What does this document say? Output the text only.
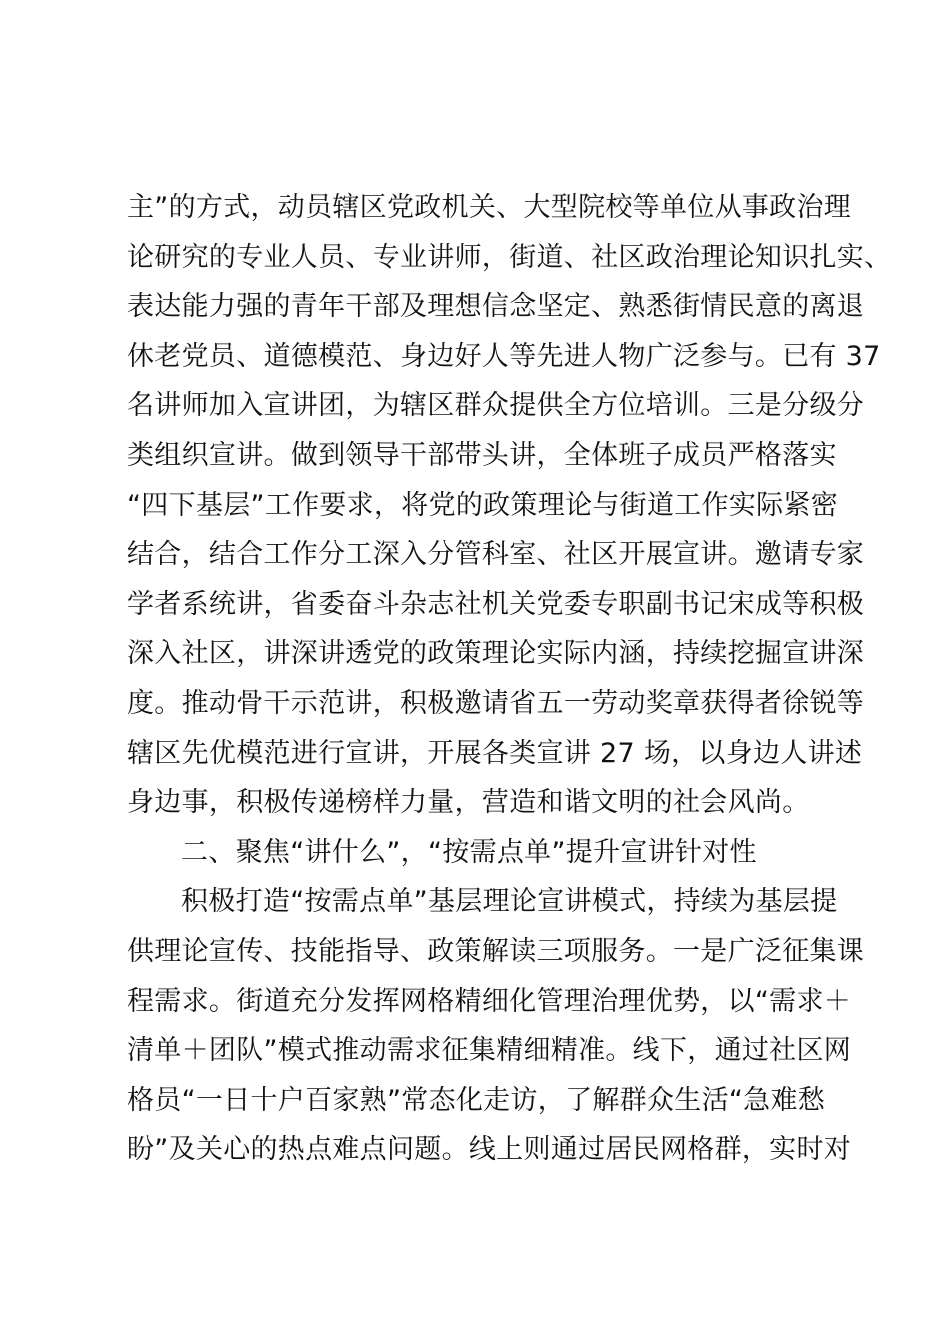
主”的方式，动员辖区党政机关、大型院校等单位从事政治理
论研究的专业人员、专业讲师，街道、社区政治理论知识扎实、
表达能力强的青年干部及理想信念坚定、熟悉街情民意的离退
休老党员、道德模范、身边好人等先进人物广泛参与。已有 37
名讲师加入宣讲团，为辖区群众提供全方位培训。三是分级分
类组织宣讲。做到领导干部带头讲，全体班子成员严格落实
“四下基层”工作要求，将党的政策理论与街道工作实际紧密
结合，结合工作分工深入分管科室、社区开展宣讲。邀请专家
学者系统讲，省委奋斗杂志社机关党委专职副书记宋成等积极
深入社区，讲深讲透党的政策理论实际内涵，持续挖掘宣讲深
度。推动骨干示范讲，积极邀请省五一劳动奖章获得者徐锐等
辖区先优模范进行宣讲，开展各类宣讲 27 场，以身边人讲述
身边事，积极传递榜样力量，营造和谐文明的社会风尚。
二、聚焦“讲什么”，“按需点单”提升宣讲针对性
积极打造“按需点单”基层理论宣讲模式，持续为基层提
供理论宣传、技能指导、政策解读三项服务。一是广泛征集课
程需求。街道充分发挥网格精细化管理治理优势，以“需求＋
清单＋团队”模式推动需求征集精细精准。线下，通过社区网
格员“一日十户百家熟”常态化走访，了解群众生活“急难愁
盼”及关心的热点难点问题。线上则通过居民网格群，实时对
